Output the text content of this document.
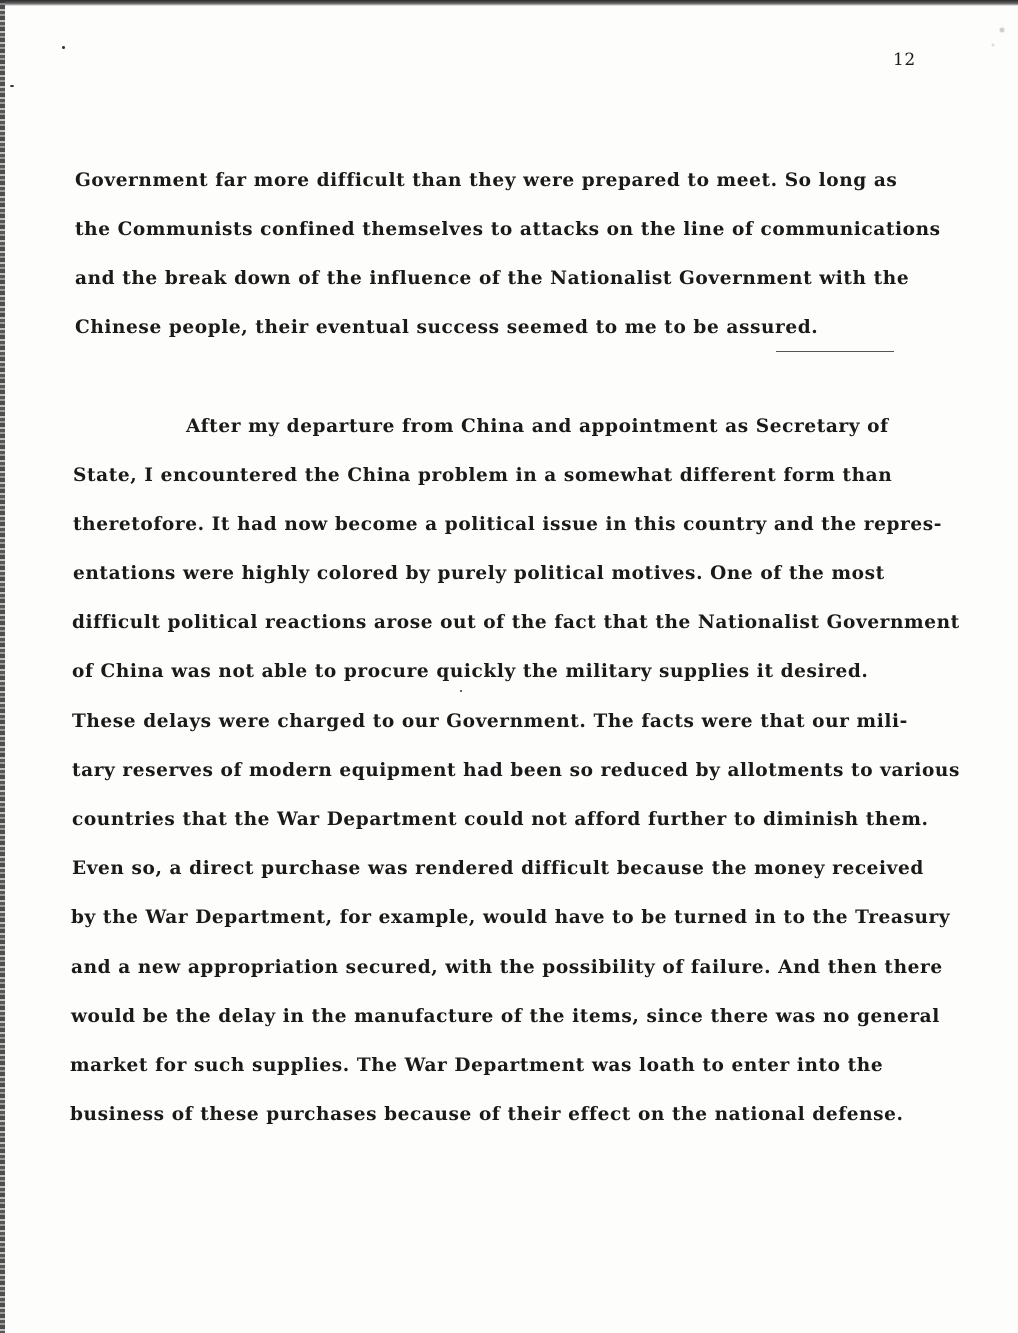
12
Government far more difficult than they were prepared to meet. So long as
the Communists confined themselves to attacks on the line of communications
and the break down of the influence of the Nationalist Government with the
Chinese people, their eventual success seemed to me to be assured.
After my departure from China and appointment as Secretary of
State, I encountered the China problem in a somewhat different form than
theretofore. It had now become a political issue in this country and the repres-
entations were highly colored by purely political motives. One of the most
difficult political reactions arose out of the fact that the Nationalist Government
of China was not able to procure quickly the military supplies it desired.
These delays were charged to our Government. The facts were that our mili-
tary reserves of modern equipment had been so reduced by allotments to various
countries that the War Department could not afford further to diminish them.
Even so, a direct purchase was rendered difficult because the money received
by the War Department, for example, would have to be turned in to the Treasury
and a new appropriation secured, with the possibility of failure. And then there
would be the delay in the manufacture of the items, since there was no general
market for such supplies. The War Department was loath to enter into the
business of these purchases because of their effect on the national defense.
